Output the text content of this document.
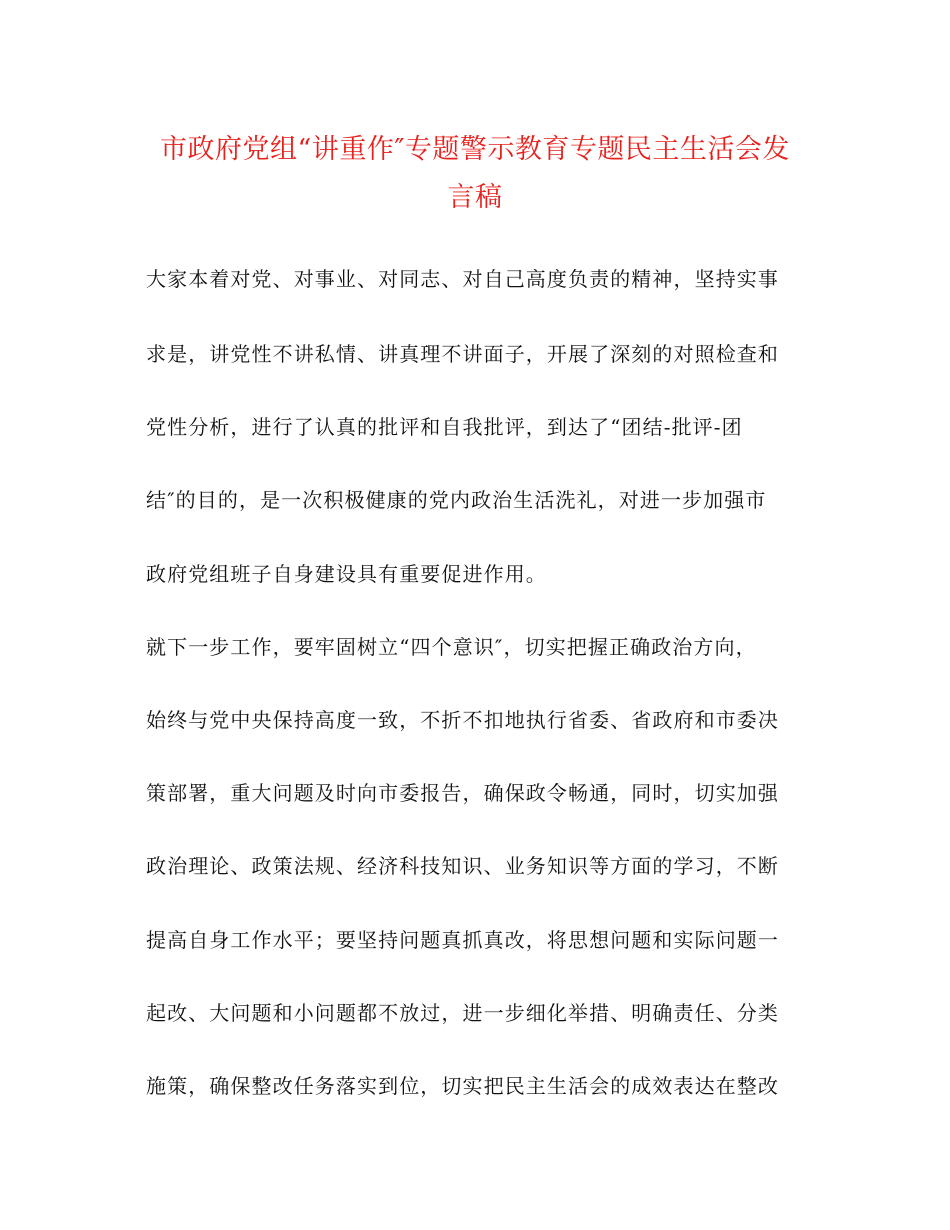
市政府党组“讲重作″专题警示教育专题民主生活会发
言稿
大家本着对党、对事业、对同志、对自己高度负责的精神，坚持实事
求是，讲党性不讲私情、讲真理不讲面子，开展了深刻的对照检查和
党性分析，进行了认真的批评和自我批评，到达了“团结-批评-团
结″的目的，是一次积极健康的党内政治生活洗礼，对进一步加强市
政府党组班子自身建设具有重要促进作用。
就下一步工作，要牢固树立“四个意识″，切实把握正确政治方向，
始终与党中央保持高度一致，不折不扣地执行省委、省政府和市委决
策部署，重大问题及时向市委报告，确保政令畅通，同时，切实加强
政治理论、政策法规、经济科技知识、业务知识等方面的学习，不断
提高自身工作水平；要坚持问题真抓真改，将思想问题和实际问题一
起改、大问题和小问题都不放过，进一步细化举措、明确责任、分类
施策，确保整改任务落实到位，切实把民主生活会的成效表达在整改
